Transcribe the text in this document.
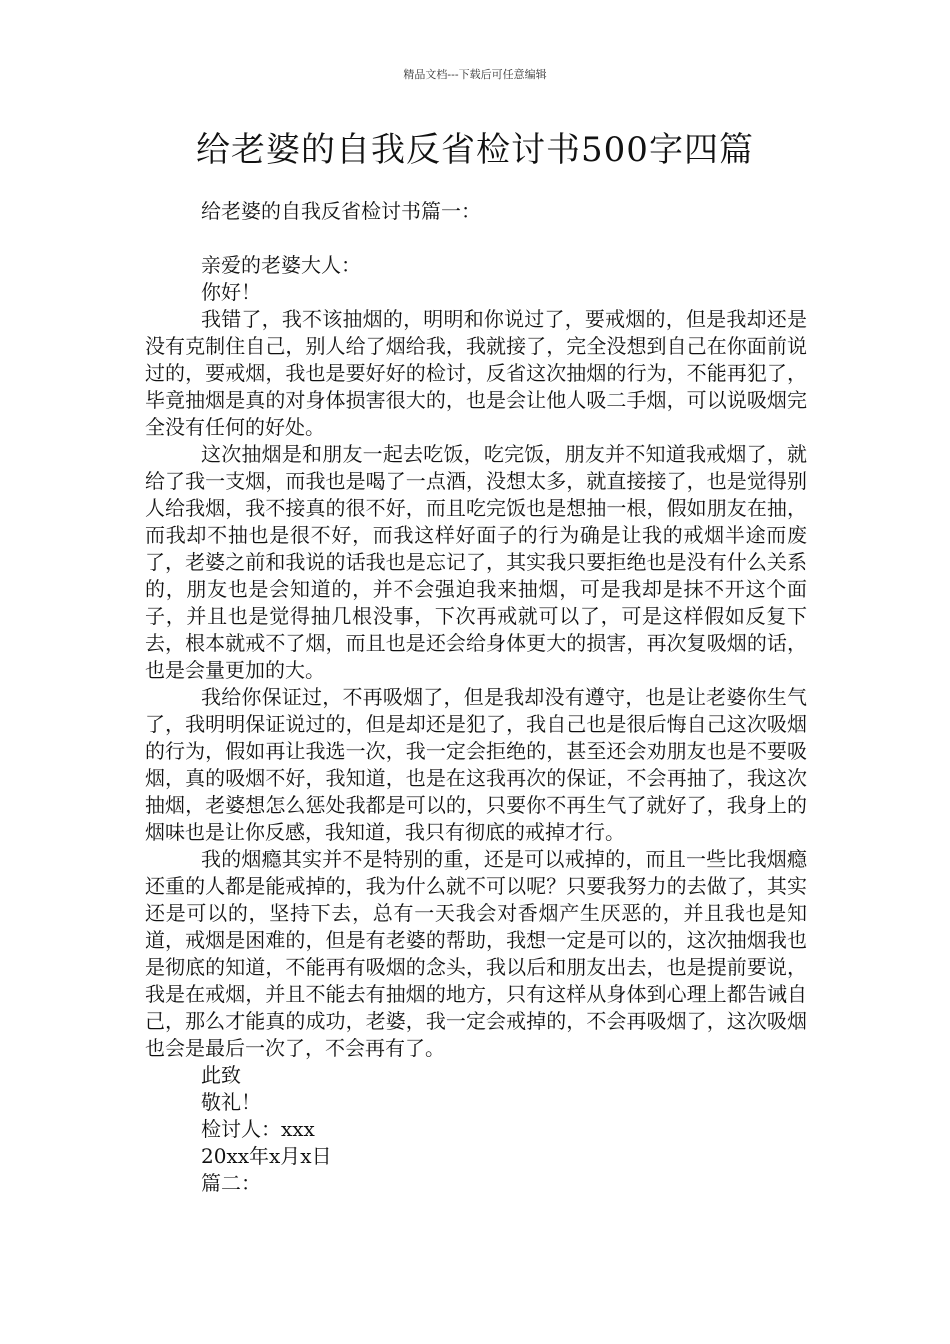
精品文档---下载后可任意编辑
给老婆的自我反省检讨书500字四篇

给老婆的自我反省检讨书篇一：

亲爱的老婆大人：

你好！

我错了，我不该抽烟的，明明和你说过了，要戒烟的，但是我却还是没有克制住自己，别人给了烟给我，我就接了，完全没想到自己在你面前说过的，要戒烟，我也是要好好的检讨，反省这次抽烟的行为，不能再犯了，毕竟抽烟是真的对身体损害很大的，也是会让他人吸二手烟，可以说吸烟完全没有任何的好处。

这次抽烟是和朋友一起去吃饭，吃完饭，朋友并不知道我戒烟了，就给了我一支烟，而我也是喝了一点酒，没想太多，就直接接了，也是觉得别人给我烟，我不接真的很不好，而且吃完饭也是想抽一根，假如朋友在抽，而我却不抽也是很不好，而我这样好面子的行为确是让我的戒烟半途而废了，老婆之前和我说的话我也是忘记了，其实我只要拒绝也是没有什么关系的，朋友也是会知道的，并不会强迫我来抽烟，可是我却是抹不开这个面子，并且也是觉得抽几根没事，下次再戒就可以了，可是这样假如反复下去，根本就戒不了烟，而且也是还会给身体更大的损害，再次复吸烟的话，也是会量更加的大。

我给你保证过，不再吸烟了，但是我却没有遵守，也是让老婆你生气了，我明明保证说过的，但是却还是犯了，我自己也是很后悔自己这次吸烟的行为，假如再让我选一次，我一定会拒绝的，甚至还会劝朋友也是不要吸烟，真的吸烟不好，我知道，也是在这我再次的保证，不会再抽了，我这次抽烟，老婆想怎么惩处我都是可以的，只要你不再生气了就好了，我身上的烟味也是让你反感，我知道，我只有彻底的戒掉才行。

我的烟瘾其实并不是特别的重，还是可以戒掉的，而且一些比我烟瘾还重的人都是能戒掉的，我为什么就不可以呢？只要我努力的去做了，其实还是可以的，坚持下去，总有一天我会对香烟产生厌恶的，并且我也是知道，戒烟是困难的，但是有老婆的帮助，我想一定是可以的，这次抽烟我也是彻底的知道，不能再有吸烟的念头，我以后和朋友出去，也是提前要说，我是在戒烟，并且不能去有抽烟的地方，只有这样从身体到心理上都告诫自己，那么才能真的成功，老婆，我一定会戒掉的，不会再吸烟了，这次吸烟也会是最后一次了，不会再有了。

此致

敬礼！

检讨人：xxx

20xx年x月x日

篇二：
